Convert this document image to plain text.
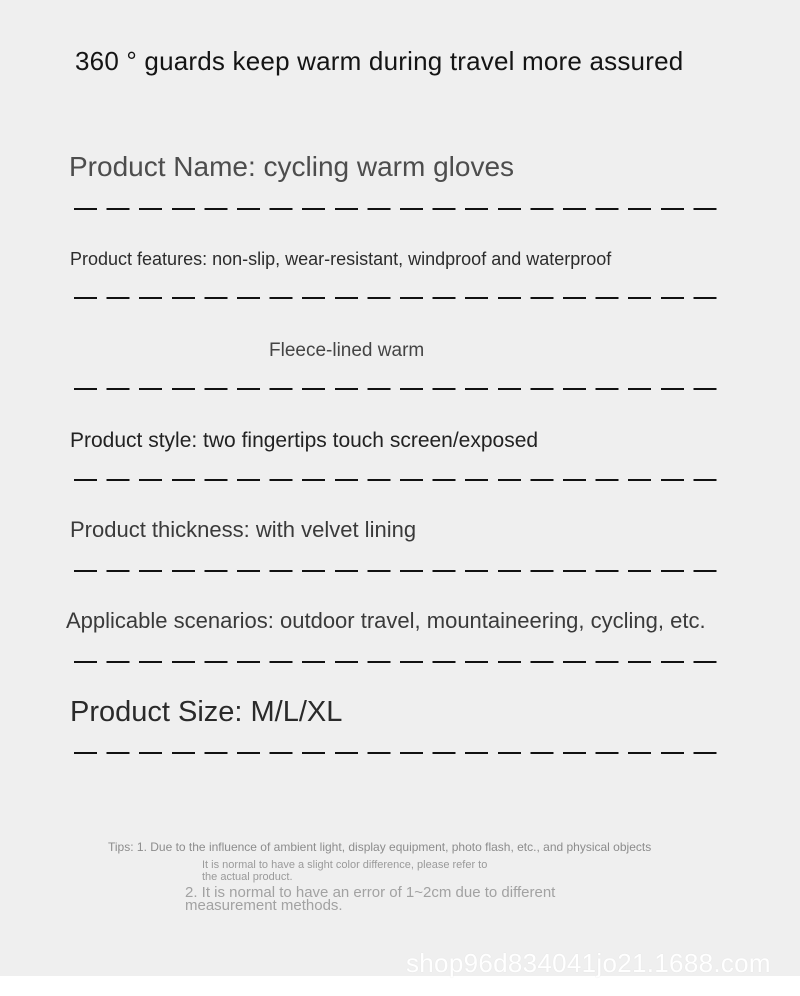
360 ° guards keep warm during travel more assured
Product Name: cycling warm gloves
Product features: non-slip, wear-resistant, windproof and waterproof
Fleece-lined warm
Product style: two fingertips touch screen/exposed
Product thickness: with velvet lining
Applicable scenarios: outdoor travel, mountaineering, cycling, etc.
Product Size: M/L/XL
Tips: 1. Due to the influence of ambient light, display equipment, photo flash, etc., and physical objects
It is normal to have a slight color difference, please refer to
the actual product.
2. It is normal to have an error of 1~2cm due to different
measurement methods.
shop96d834041jo21.1688.com
